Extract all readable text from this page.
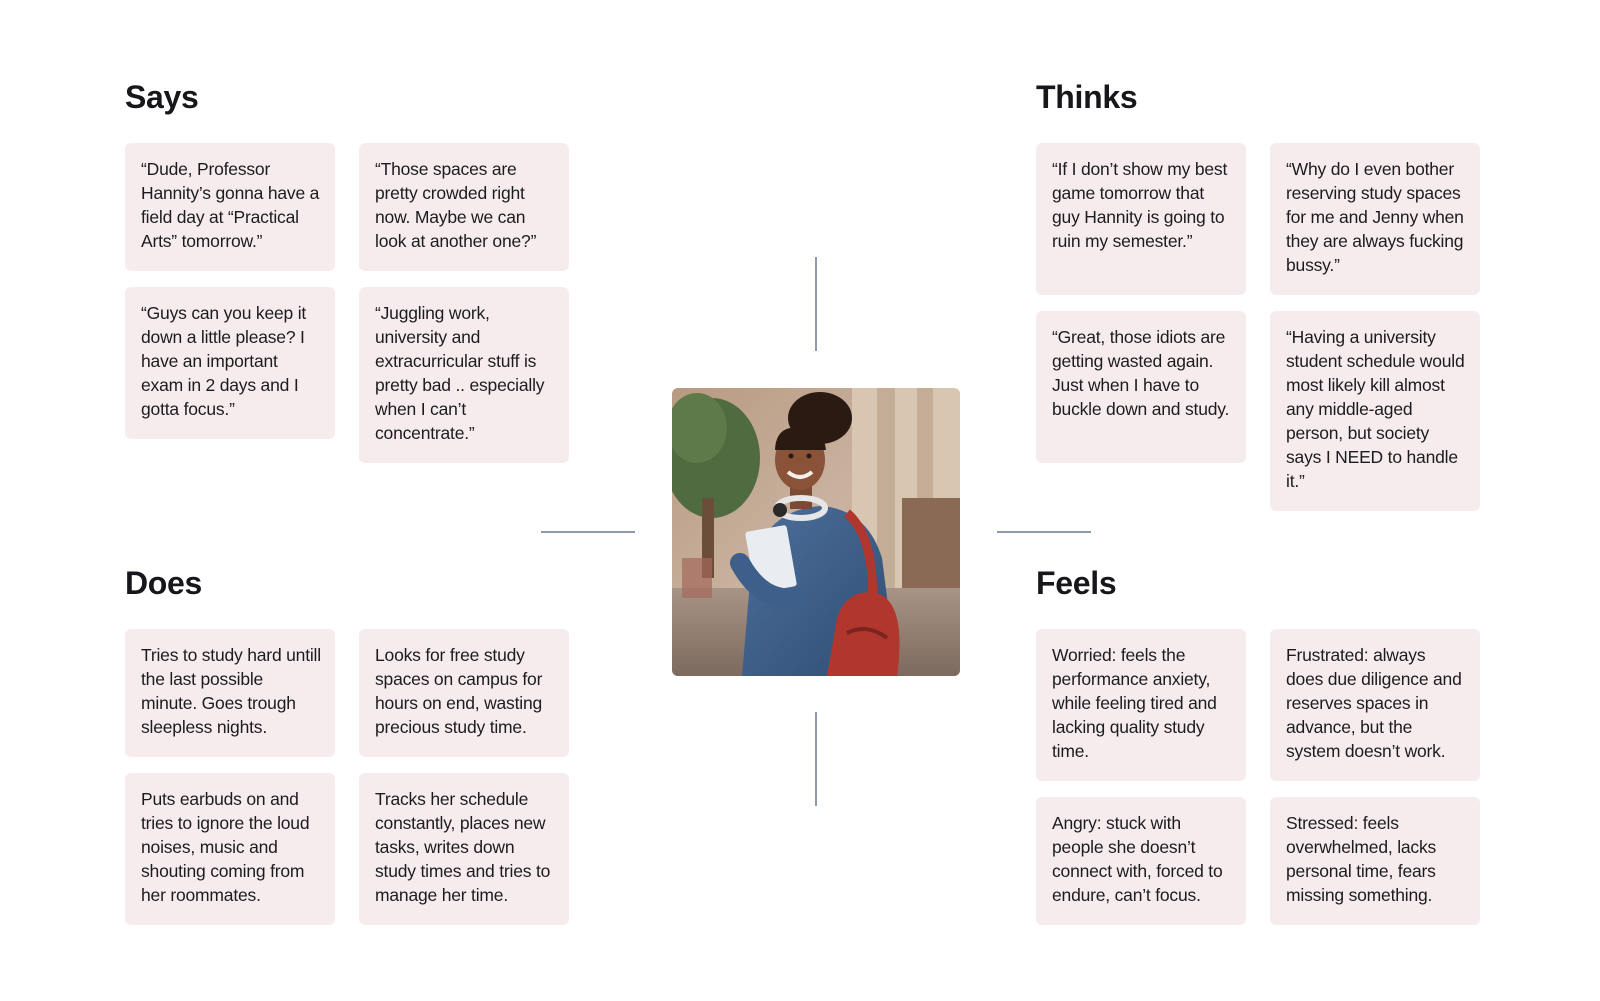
Says
“Dude, Professor Hannity’s gonna have a field day at “Practical Arts” tomorrow.”
“Those spaces are pretty crowded right now. Maybe we can look at another one?”
“Guys can you keep it down a little please? I have an important exam in 2 days and I gotta focus.”
“Juggling work, university and extracurricular stuff is pretty bad .. especially when I can’t concentrate.”
Thinks
“If I don’t show my best game tomorrow that guy Hannity is going to ruin my semester.”
“Why do I even bother reserving study spaces for me and Jenny when they are always fucking bussy.”
“Great, those idiots are getting wasted again. Just when I have to buckle down and study.
“Having a university student schedule would most likely kill almost any middle-aged person, but society says I NEED to handle it.”
Does
Tries to study hard untill the last possible minute. Goes trough sleepless nights.
Looks for free study spaces on campus for hours on end, wasting precious study time.
Puts earbuds on and tries to ignore the loud noises, music and shouting coming from her roommates.
Tracks her schedule constantly, places new tasks, writes down study times and tries to manage her time.
Feels
Worried: feels the performance anxiety, while feeling tired and lacking quality study time.
Frustrated: always does due diligence and reserves spaces in advance, but the system doesn’t work.
Angry: stuck with people she doesn’t connect with, forced to endure, can’t focus.
Stressed: feels overwhelmed, lacks personal time, fears missing something.
